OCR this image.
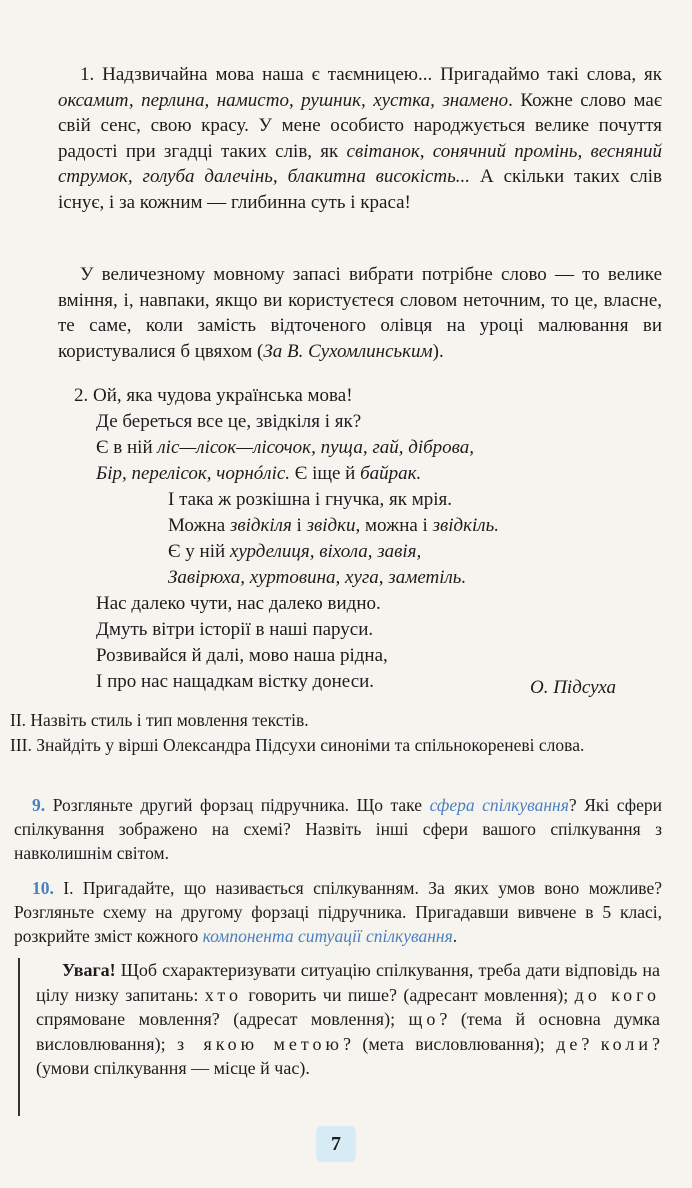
1. Надзвичайна мова наша є таємницею... Пригадаймо такі слова, як оксамит, перлина, намисто, рушник, хустка, знамено. Кожне слово має свій сенс, свою красу. У мене особисто народжується велике почуття радості при згадці таких слів, як світанок, сонячний промінь, весняний струмок, голуба далечінь, блакитна високість... А скільки таких слів існує, і за кожним — глибинна суть і краса!

У величезному мовному запасі вибрати потрібне слово — то велике вміння, і, навпаки, якщо ви користуєтеся словом неточним, то це, власне, те саме, коли замість відточеного олівця на уроці малювання ви користувалися б цвяхом (За В. Сухомлинським).

2. Ой, яка чудова українська мова!
Де береться все це, звідкіля і як?
Є в ній ліс—лісок—лісочок, пуща, гай, діброва,
Бір, перелісок, чорнóліс. Є іще й байрак.
І така ж розкішна і гнучка, як мрія.
Можна звідкіля і звідки, можна і звідкіль.
Є у ній хурделиця, віхола, завія,
Завірюха, хуртовина, хуга, заметіль.
Нас далеко чути, нас далеко видно.
Дмуть вітри історії в наші паруси.
Розвивайся й далі, мово наша рідна,
І про нас нащадкам вістку донеси.	О. Підсуха

ІІ. Назвіть стиль і тип мовлення текстів.

ІІІ. Знайдіть у вірші Олександра Підсухи синоніми та спільнокореневі слова.

9. Розгляньте другий форзац підручника. Що таке сфера спілкування? Які сфери спілкування зображено на схемі? Назвіть інші сфери вашого спілкування з навколишнім світом.

10. І. Пригадайте, що називається спілкуванням. За яких умов воно можливе? Розгляньте схему на другому форзаці підручника. Пригадавши вивчене в 5 класі, розкрийте зміст кожного компонента ситуації спілкування.

Увага! Щоб схарактеризувати ситуацію спілкування, треба дати відповідь на цілу низку запитань: хто говорить чи пише? (адресант мовлення); до кого спрямоване мовлення? (адресат мовлення); що? (тема й основна думка висловлювання); з якою метою? (мета висловлювання); де? коли? (умови спілкування — місце й час).

7
